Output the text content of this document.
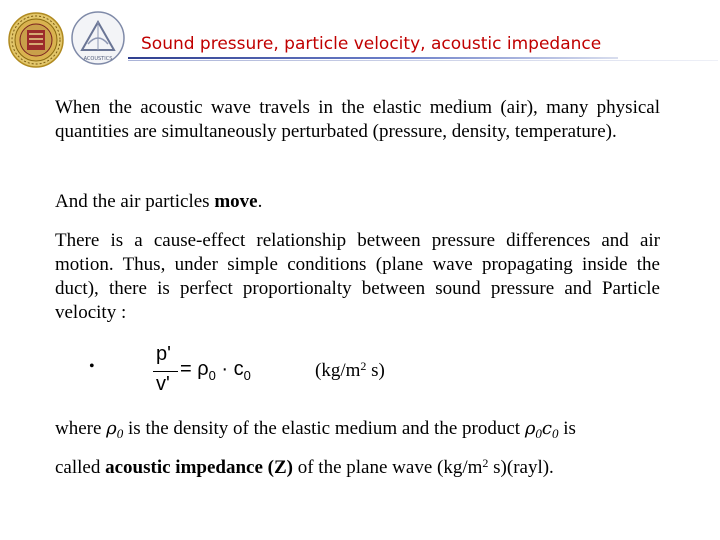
ACOUSTICS
Sound pressure, particle velocity, acoustic impedance
When the acoustic wave travels in the elastic medium (air), many physical quantities are simultaneously perturbated (pressure, density, temperature).
And the air particles move.
There is a cause-effect relationship between pressure differences and air motion. Thus, under simple conditions (plane wave propagating inside the duct), there is perfect proportionalty between sound pressure and Particle velocity :
•
p'
v'
= $\rho_0 \cdot c_0$	($kg/m^2$ s)
where $\rho_0$ is the density of the elastic medium and the product $\rho_0c_0$ is
called acoustic impedance (Z) of the plane wave ($kg/m^2$ s)(rayl).
